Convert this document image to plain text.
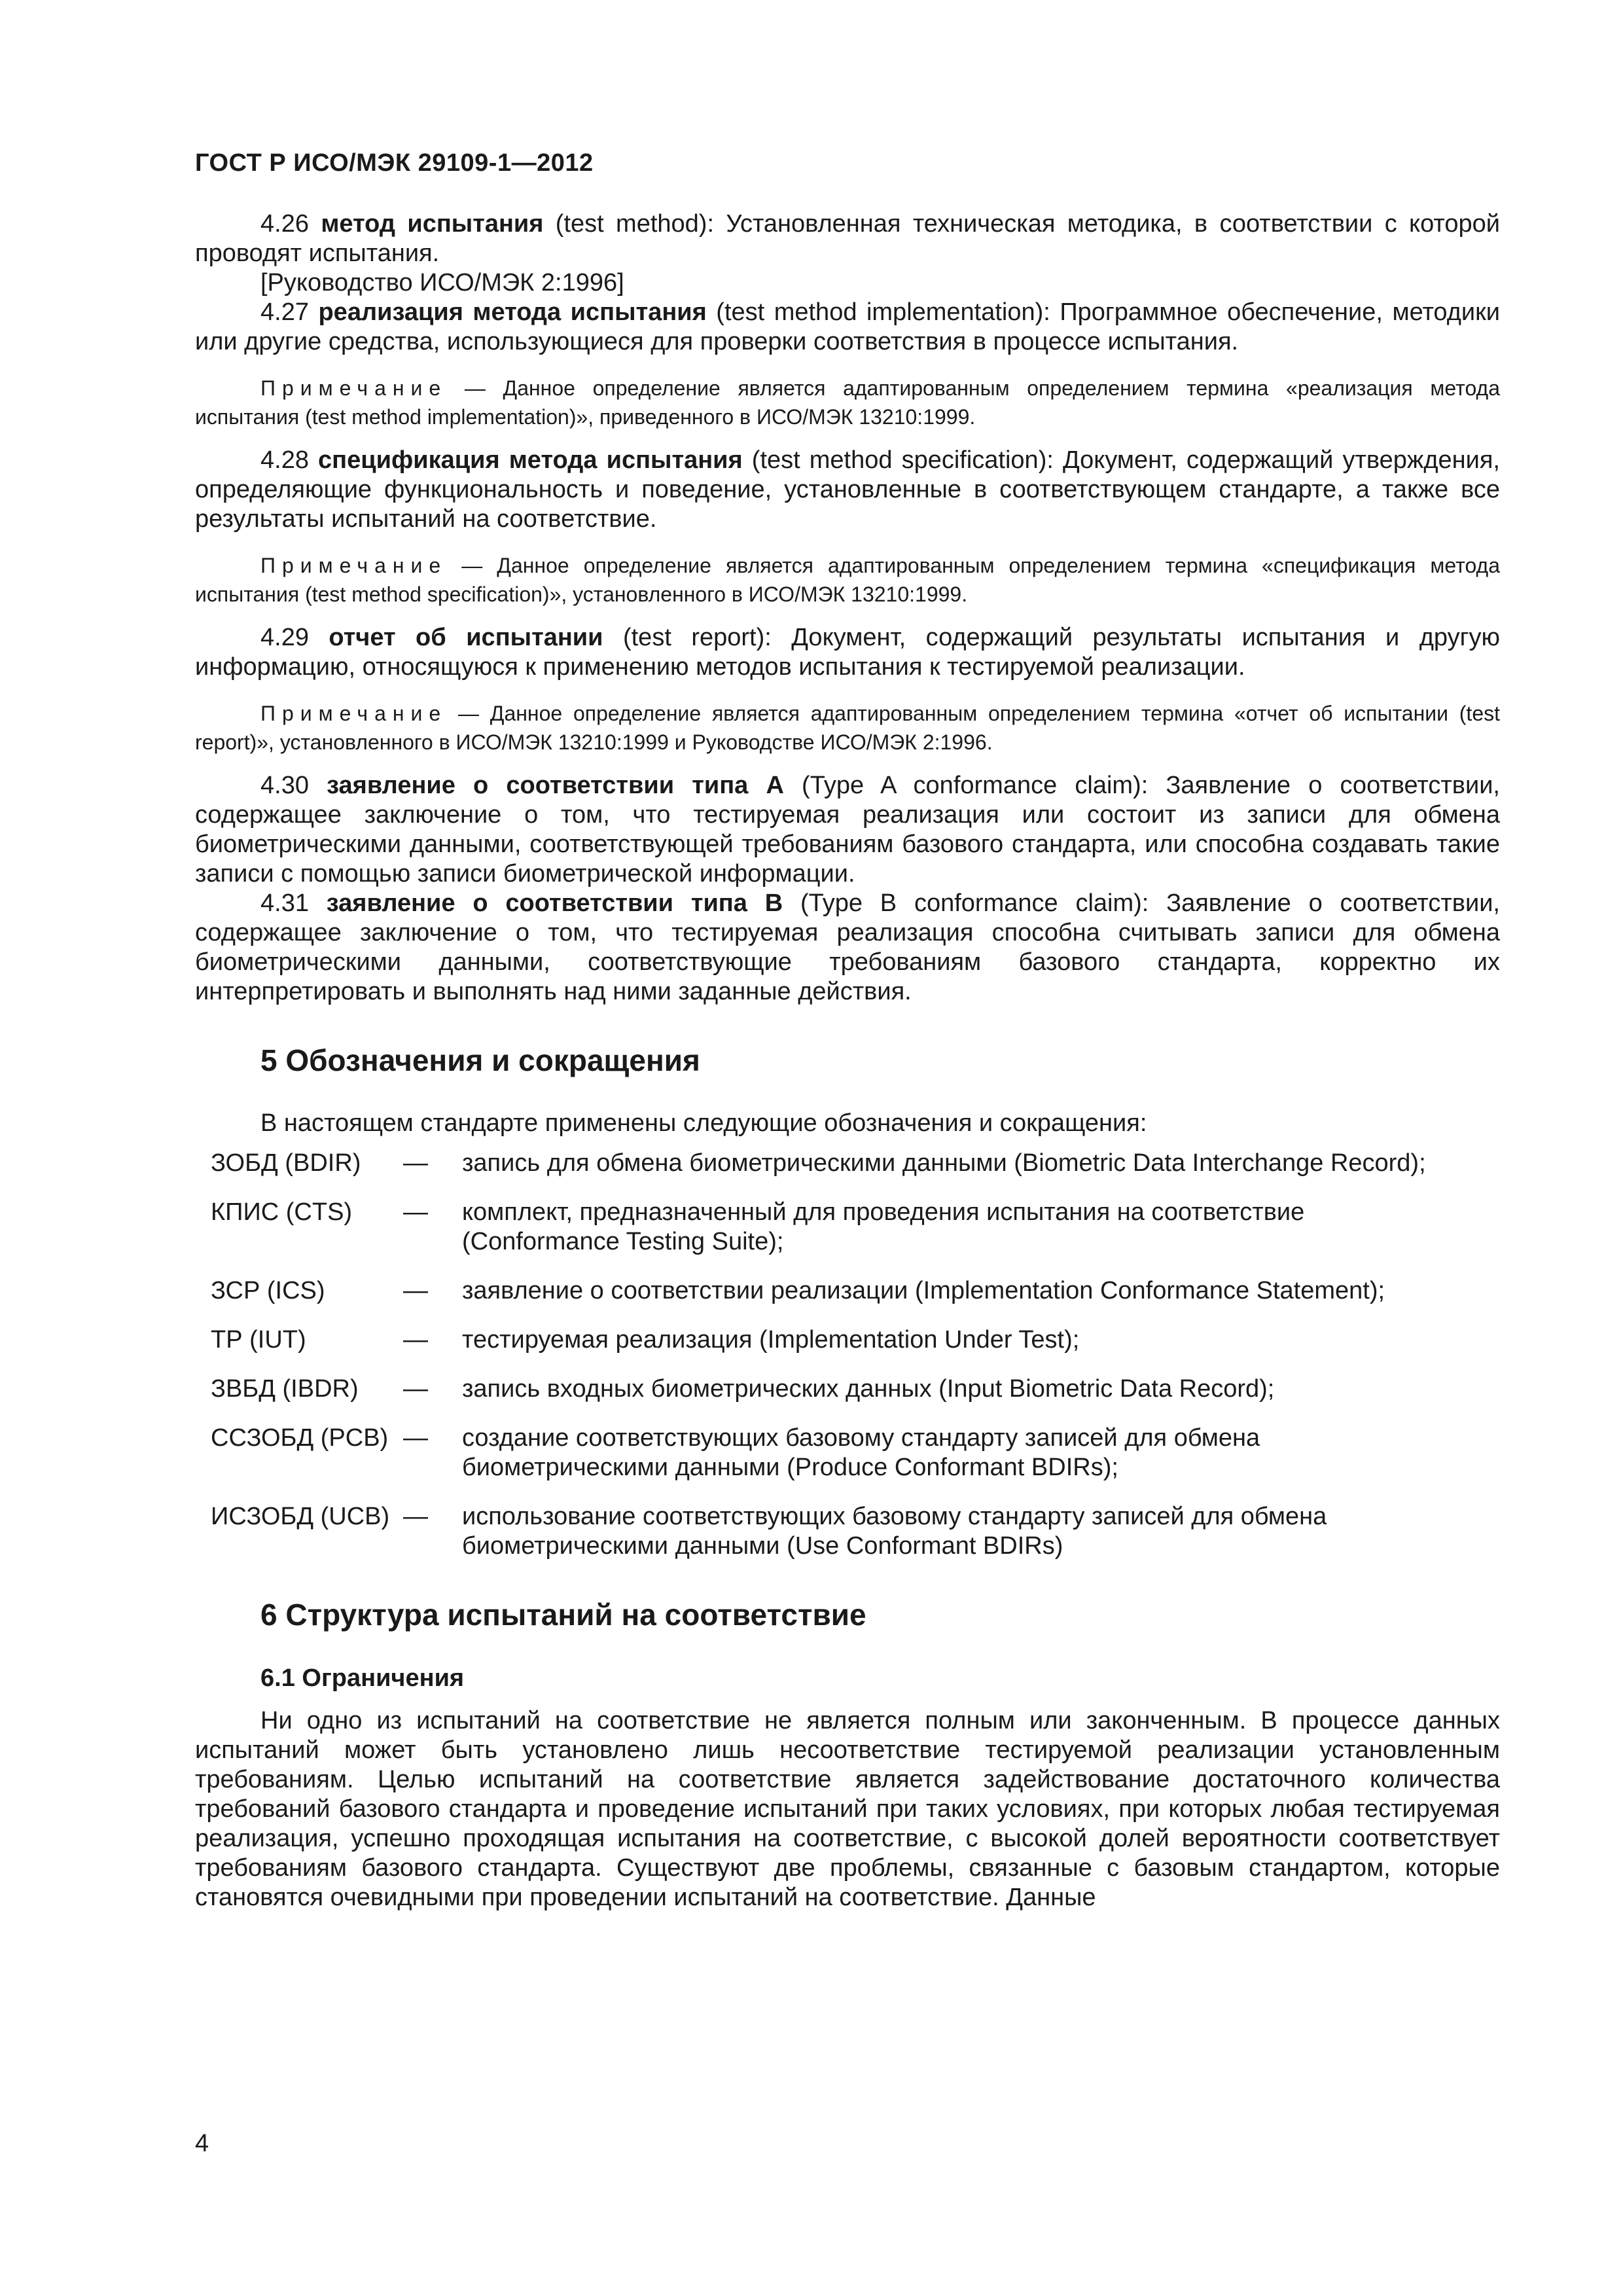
ГОСТ Р ИСО/МЭК 29109-1—2012

4.26 метод испытания (test method): Установленная техническая методика, в соответствии с которой проводят испытания.

[Руководство ИСО/МЭК 2:1996]

4.27 реализация метода испытания (test method implementation): Программное обеспечение, методики или другие средства, использующиеся для проверки соответствия в процессе испытания.

Примечание — Данное определение является адаптированным определением термина «реализация метода испытания (test method implementation)», приведенного в ИСО/МЭК 13210:1999.

4.28 спецификация метода испытания (test method specification): Документ, содержащий утверждения, определяющие функциональность и поведение, установленные в соответствующем стандарте, а также все результаты испытаний на соответствие.

Примечание — Данное определение является адаптированным определением термина «спецификация метода испытания (test method specification)», установленного в ИСО/МЭК 13210:1999.

4.29 отчет об испытании (test report): Документ, содержащий результаты испытания и другую информацию, относящуюся к применению методов испытания к тестируемой реализации.

Примечание — Данное определение является адаптированным определением термина «отчет об испытании (test report)», установленного в ИСО/МЭК 13210:1999 и Руководстве ИСО/МЭК 2:1996.

4.30 заявление о соответствии типа А (Type A conformance claim): Заявление о соответствии, содержащее заключение о том, что тестируемая реализация или состоит из записи для обмена биометрическими данными, соответствующей требованиям базового стандарта, или способна создавать такие записи с помощью записи биометрической информации.

4.31 заявление о соответствии типа В (Type B conformance claim): Заявление о соответствии, содержащее заключение о том, что тестируемая реализация способна считывать записи для обмена биометрическими данными, соответствующие требованиям базового стандарта, корректно их интерпретировать и выполнять над ними заданные действия.

5 Обозначения и сокращения

В настоящем стандарте применены следующие обозначения и сокращения:

ЗОБД (BDIR)	—	запись для обмена биометрическими данными (Biometric Data Interchange Record);
КПИС (CTS)	—	комплект, предназначенный для проведения испытания на соответствие (Conformance Testing Suite);
ЗСР (ICS)	—	заявление о соответствии реализации (Implementation Conformance Statement);
ТР (IUT)	—	тестируемая реализация (Implementation Under Test);
ЗВБД (IBDR)	—	запись входных биометрических данных (Input Biometric Data Record);
ССЗОБД (PCB) —	создание соответствующих базовому стандарту записей для обмена биометрическими данными (Produce Conformant BDIRs);
ИСЗОБД (UCB) —	использование соответствующих базовому стандарту записей для обмена биометрическими данными (Use Conformant BDIRs)
6 Структура испытаний на соответствие
6.1 Ограничения

Ни одно из испытаний на соответствие не является полным или законченным. В процессе данных испытаний может быть установлено лишь несоответствие тестируемой реализации установленным требованиям. Целью испытаний на соответствие является задействование достаточного количества требований базового стандарта и проведение испытаний при таких условиях, при которых любая тестируемая реализация, успешно проходящая испытания на соответствие, с высокой долей вероятности соответствует требованиям базового стандарта. Существуют две проблемы, связанные с базовым стандартом, которые становятся очевидными при проведении испытаний на соответствие. Данные

4
